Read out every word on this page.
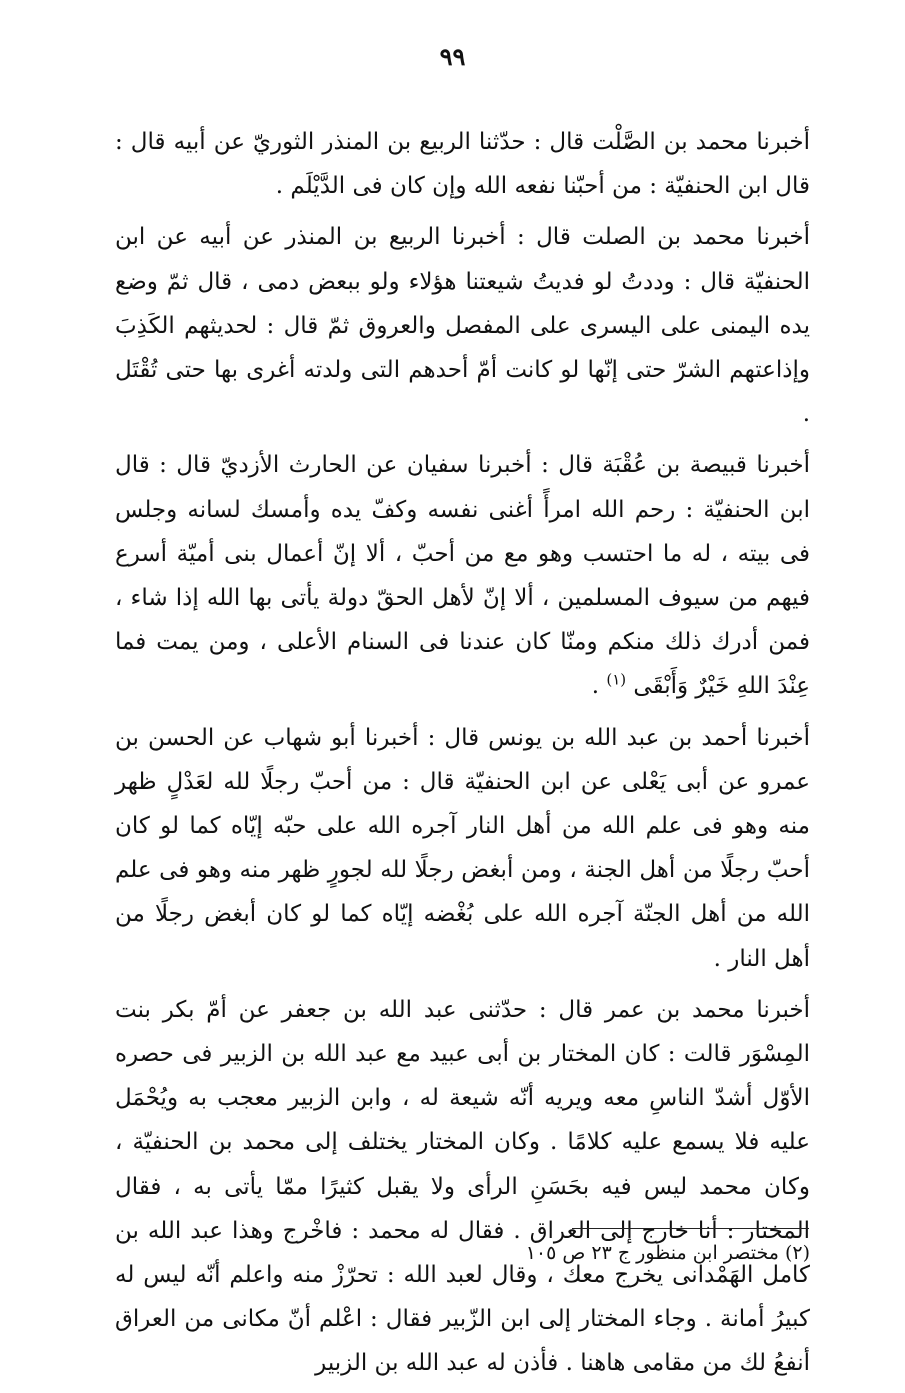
٩٩

أخبرنا محمد بن الصَّلْت قال : حدّثنا الربيع بن المنذر الثوريّ عن أبيه قال : قال ابن الحنفيّة : من أحبّنا نفعه الله وإن كان فى الدَّيْلَم .

أخبرنا محمد بن الصلت قال : أخبرنا الربيع بن المنذر عن أبيه عن ابن الحنفيّة قال : وددتُ لو فديتُ شيعتنا هؤلاء ولو ببعض دمى ، قال ثمّ وضع يده اليمنى على اليسرى على المفصل والعروق ثمّ قال : لحديثهم الكَذِبَ وإذاعتهم الشرّ حتى إنّها لو كانت أمّ أحدهم التى ولدته أغرى بها حتى تُقْتَل .

أخبرنا قبيصة بن عُقْبَة قال : أخبرنا سفيان عن الحارث الأزديّ قال : قال ابن الحنفيّة : رحم الله امرأً أغنى نفسه وكفّ يده وأمسك لسانه وجلس فى بيته ، له ما احتسب وهو مع من أحبّ ، ألا إنّ أعمال بنى أميّة أسرع فيهم من سيوف المسلمين ، ألا إنّ لأهل الحقّ دولة يأتى بها الله إذا شاء ، فمن أدرك ذلك منكم ومنّا كان عندنا فى السنام الأعلى ، ومن يمت فما عِنْدَ اللهِ خَيْرٌ وَأَبْقَى $^{(١)}$ .

أخبرنا أحمد بن عبد الله بن يونس قال : أخبرنا أبو شهاب عن الحسن بن عمرو عن أبى يَعْلى عن ابن الحنفيّة قال : من أحبّ رجلًا لله لعَدْلٍ ظهر منه وهو فى علم الله من أهل النار آجره الله على حبّه إيّاه كما لو كان أحبّ رجلًا من أهل الجنة ، ومن أبغض رجلًا لله لجورٍ ظهر منه وهو فى علم الله من أهل الجنّة آجره الله على بُغْضه إيّاه كما لو كان أبغض رجلًا من أهل النار .

أخبرنا محمد بن عمر قال : حدّثنى عبد الله بن جعفر عن أمّ بكر بنت المِسْوَر قالت : كان المختار بن أبى عبيد مع عبد الله بن الزبير فى حصره الأوّل أشدّ الناسِ معه ويريه أنّه شيعة له ، وابن الزبير معجب به ويُحْمَل عليه فلا يسمع عليه كلامًا . وكان المختار يختلف إلى محمد بن الحنفيّة ، وكان محمد ليس فيه بحَسَنِ الرأى ولا يقبل كثيرًا ممّا يأتى به ، فقال المختار : أنا خارج إلى العراق . فقال له محمد : فاخْرج وهذا عبد الله بن كامل الهَمْدانى يخرج معك ، وقال لعبد الله : تحرّزْ منه واعلم أنّه ليس له كبيرُ أمانة . وجاء المختار إلى ابن الزّبير فقال : اعْلم أنّ مكانى من العراق أنفعُ لك من مقامى هاهنا . فأذن له عبد الله بن الزبير

(٢) مختصر ابن منظور ج ٢٣ ص ١٠٥
